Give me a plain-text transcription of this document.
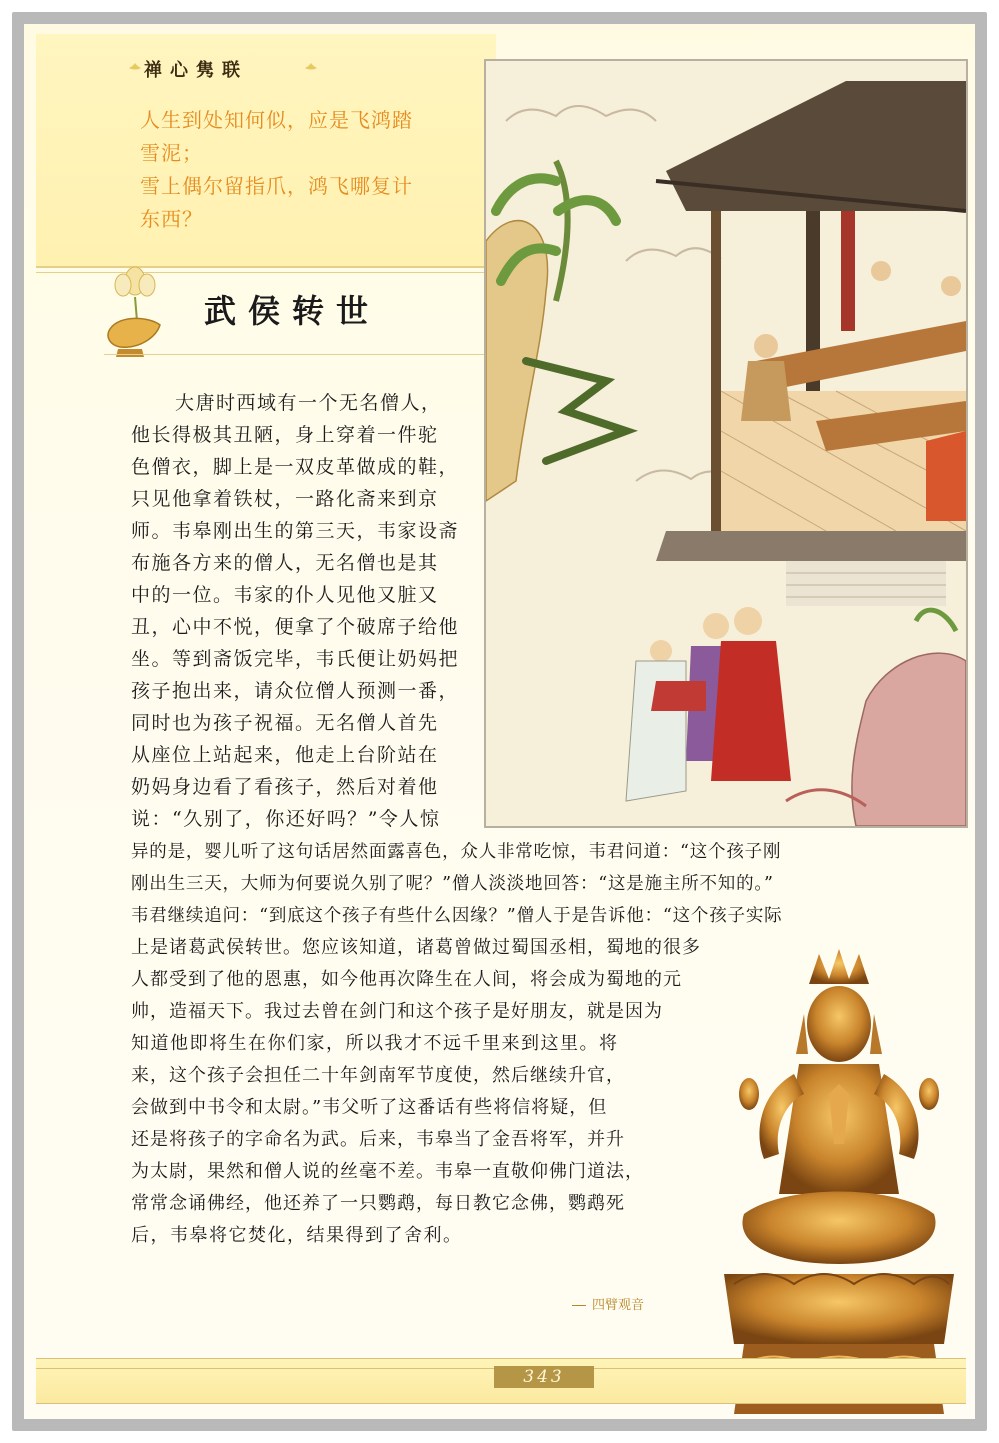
禅心隽联
人生到处知何似，应是飞鸿踏
雪泥；
雪上偶尔留指爪，鸿飞哪复计
东西？
武侯转世
大唐时西域有一个无名僧人，
他长得极其丑陋，身上穿着一件驼
色僧衣，脚上是一双皮革做成的鞋，
只见他拿着铁杖，一路化斋来到京
师。韦皋刚出生的第三天，韦家设斋
布施各方来的僧人，无名僧也是其
中的一位。韦家的仆人见他又脏又
丑，心中不悦，便拿了个破席子给他
坐。等到斋饭完毕，韦氏便让奶妈把
孩子抱出来，请众位僧人预测一番，
同时也为孩子祝福。无名僧人首先
从座位上站起来，他走上台阶站在
奶妈身边看了看孩子，然后对着他
说：“久别了，你还好吗？”令人惊
异的是，婴儿听了这句话居然面露喜色，众人非常吃惊，韦君问道：“这个孩子刚
刚出生三天，大师为何要说久别了呢？”僧人淡淡地回答：“这是施主所不知的。”
韦君继续追问：“到底这个孩子有些什么因缘？”僧人于是告诉他：“这个孩子实际
上是诸葛武侯转世。您应该知道，诸葛曾做过蜀国丞相，蜀地的很多
人都受到了他的恩惠，如今他再次降生在人间，将会成为蜀地的元
帅，造福天下。我过去曾在剑门和这个孩子是好朋友，就是因为
知道他即将生在你们家，所以我才不远千里来到这里。将
来，这个孩子会担任二十年剑南军节度使，然后继续升官，
会做到中书令和太尉。”韦父听了这番话有些将信将疑，但
还是将孩子的字命名为武。后来，韦皋当了金吾将军，并升
为太尉，果然和僧人说的丝毫不差。韦皋一直敬仰佛门道法，
常常念诵佛经，他还养了一只鹦鹉，每日教它念佛，鹦鹉死
后，韦皋将它焚化，结果得到了舍利。
四臂观音
343
